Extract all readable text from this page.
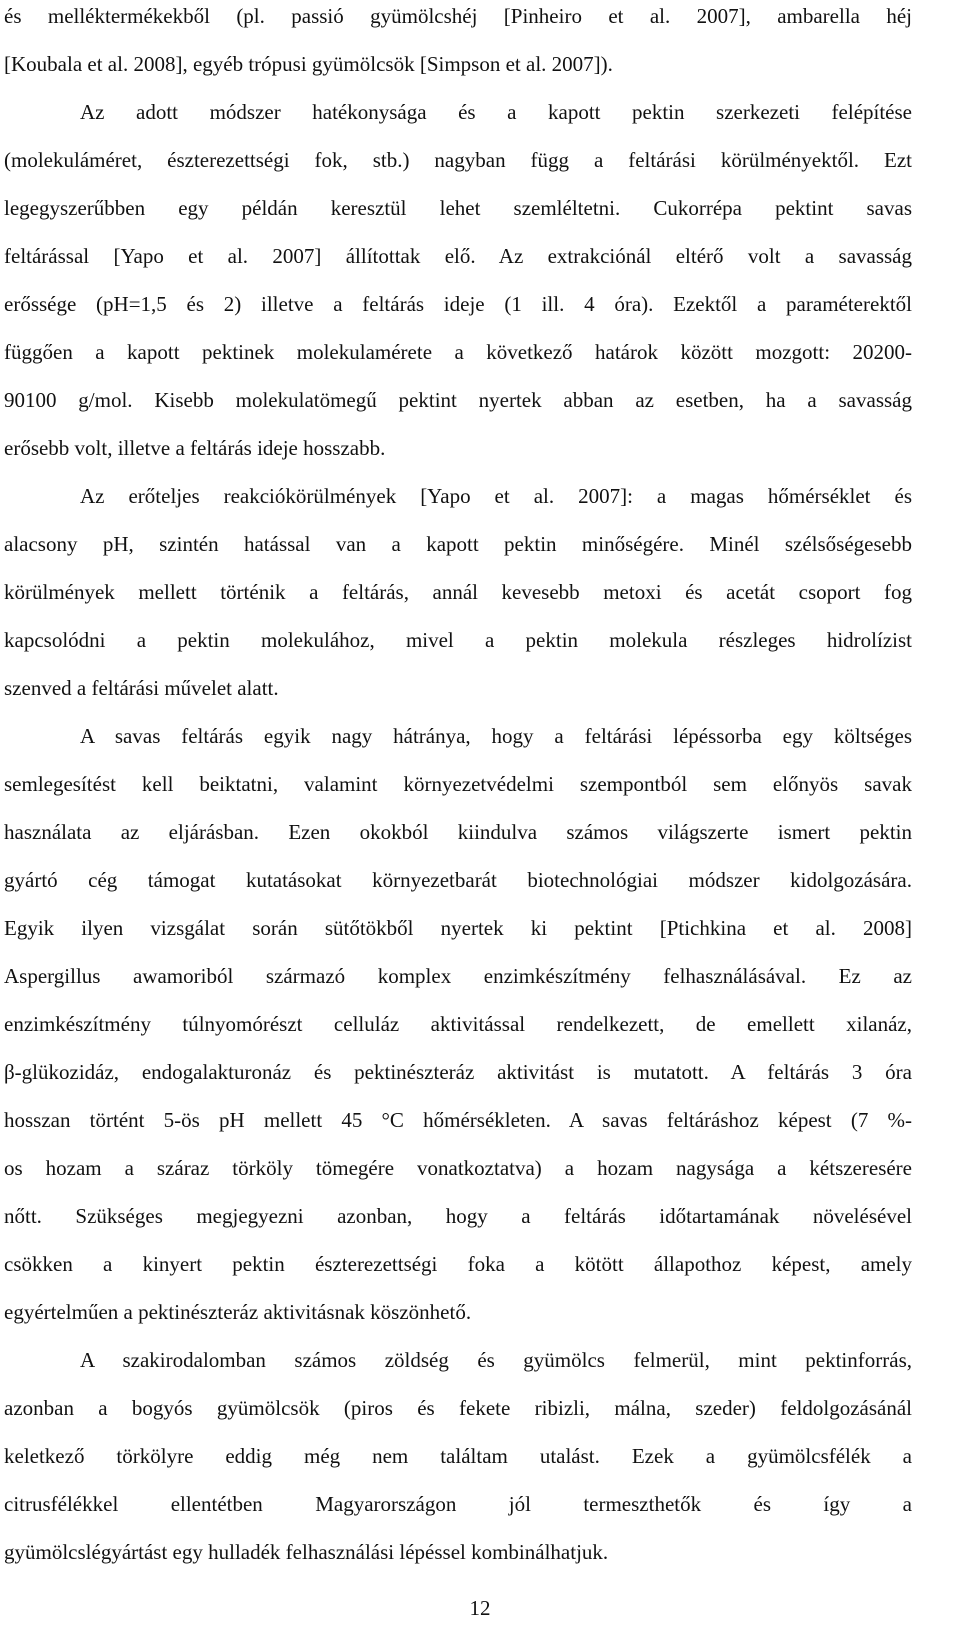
és melléktermékekből (pl. passió gyümölcshéj [Pinheiro et al. 2007], ambarella héj
[Koubala et al. 2008], egyéb trópusi gyümölcsök [Simpson et al. 2007]).
Az adott módszer hatékonysága és a kapott pektin szerkezeti felépítése
(molekuláméret, észterezettségi fok, stb.) nagyban függ a feltárási körülményektől. Ezt
legegyszerűbben egy példán keresztül lehet szemléltetni. Cukorrépa pektint savas
feltárással [Yapo et al. 2007] állítottak elő. Az extrakciónál eltérő volt a savasság
erőssége (pH=1,5 és 2) illetve a feltárás ideje (1 ill. 4 óra). Ezektől a paraméterektől
függően a kapott pektinek molekulamérete a következő határok között mozgott: 20200-
90100 g/mol. Kisebb molekulatömegű pektint nyertek abban az esetben, ha a savasság
erősebb volt, illetve a feltárás ideje hosszabb.
Az erőteljes reakciókörülmények [Yapo et al. 2007]: a magas hőmérséklet és
alacsony pH, szintén hatással van a kapott pektin minőségére. Minél szélsőségesebb
körülmények mellett történik a feltárás, annál kevesebb metoxi és acetát csoport fog
kapcsolódni a pektin molekulához, mivel a pektin molekula részleges hidrolízist
szenved a feltárási művelet alatt.
A savas feltárás egyik nagy hátránya, hogy a feltárási lépéssorba egy költséges
semlegesítést kell beiktatni, valamint környezetvédelmi szempontból sem előnyös savak
használata az eljárásban. Ezen okokból kiindulva számos világszerte ismert pektin
gyártó cég támogat kutatásokat környezetbarát biotechnológiai módszer kidolgozására.
Egyik ilyen vizsgálat során sütőtökből nyertek ki pektint [Ptichkina et al. 2008]
Aspergillus awamoriból származó komplex enzimkészítmény felhasználásával. Ez az
enzimkészítmény túlnyomórészt celluláz aktivitással rendelkezett, de emellett xilanáz,
β-glükozidáz, endogalakturonáz és pektinészteráz aktivitást is mutatott. A feltárás 3 óra
hosszan történt 5-ös pH mellett 45 °C hőmérsékleten. A savas feltáráshoz képest (7 %-
os hozam a száraz törköly tömegére vonatkoztatva) a hozam nagysága a kétszeresére
nőtt. Szükséges megjegyezni azonban, hogy a feltárás időtartamának növelésével
csökken a kinyert pektin észterezettségi foka a kötött állapothoz képest, amely
egyértelműen a pektinészteráz aktivitásnak köszönhető.
A szakirodalomban számos zöldség és gyümölcs felmerül, mint pektinforrás,
azonban a bogyós gyümölcsök (piros és fekete ribizli, málna, szeder) feldolgozásánál
keletkező törkölyre eddig még nem találtam utalást. Ezek a gyümölcsfélék a
citrusfélékkel ellentétben Magyarországon jól termeszthetők és így a
gyümölcslégyártást egy hulladék felhasználási lépéssel kombinálhatjuk.
12
